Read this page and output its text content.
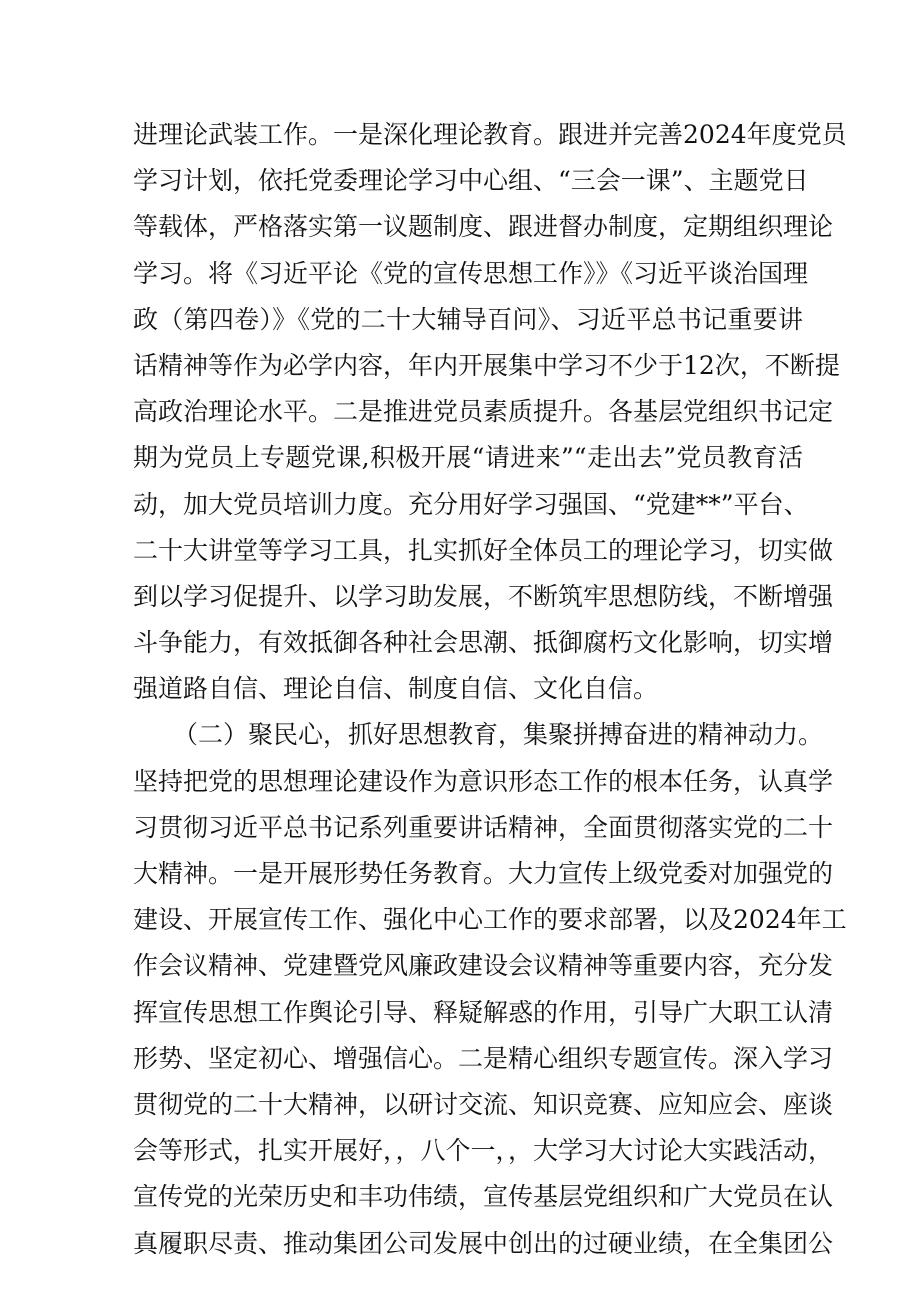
进理论武装工作。一是深化理论教育。跟进并完善2024年度党员
学习计划，依托党委理论学习中心组、“三会一课”、主题党日
等载体，严格落实第一议题制度、跟进督办制度，定期组织理论
学习。将《习近平论《党的宣传思想工作》》《习近平谈治国理
政（第四卷）》《党的二十大辅导百问》、习近平总书记重要讲
话精神等作为必学内容，年内开展集中学习不少于12次，不断提
高政治理论水平。二是推进党员素质提升。各基层党组织书记定
期为党员上专题党课,积极开展“请进来”“走出去”党员教育活
动，加大党员培训力度。充分用好学习强国、“党建**”平台、
二十大讲堂等学习工具，扎实抓好全体员工的理论学习，切实做
到以学习促提升、以学习助发展，不断筑牢思想防线，不断增强
斗争能力，有效抵御各种社会思潮、抵御腐朽文化影响，切实增
强道路自信、理论自信、制度自信、文化自信。
（二）聚民心，抓好思想教育，集聚拼搏奋进的精神动力。
坚持把党的思想理论建设作为意识形态工作的根本任务，认真学
习贯彻习近平总书记系列重要讲话精神，全面贯彻落实党的二十
大精神。一是开展形势任务教育。大力宣传上级党委对加强党的
建设、开展宣传工作、强化中心工作的要求部署，以及2024年工
作会议精神、党建暨党风廉政建设会议精神等重要内容，充分发
挥宣传思想工作舆论引导、释疑解惑的作用，引导广大职工认清
形势、坚定初心、增强信心。二是精心组织专题宣传。深入学习
贯彻党的二十大精神，以研讨交流、知识竞赛、应知应会、座谈
会等形式，扎实开展好，，八个一，，大学习大讨论大实践活动，
宣传党的光荣历史和丰功伟绩，宣传基层党组织和广大党员在认
真履职尽责、推动集团公司发展中创出的过硬业绩，在全集团公
